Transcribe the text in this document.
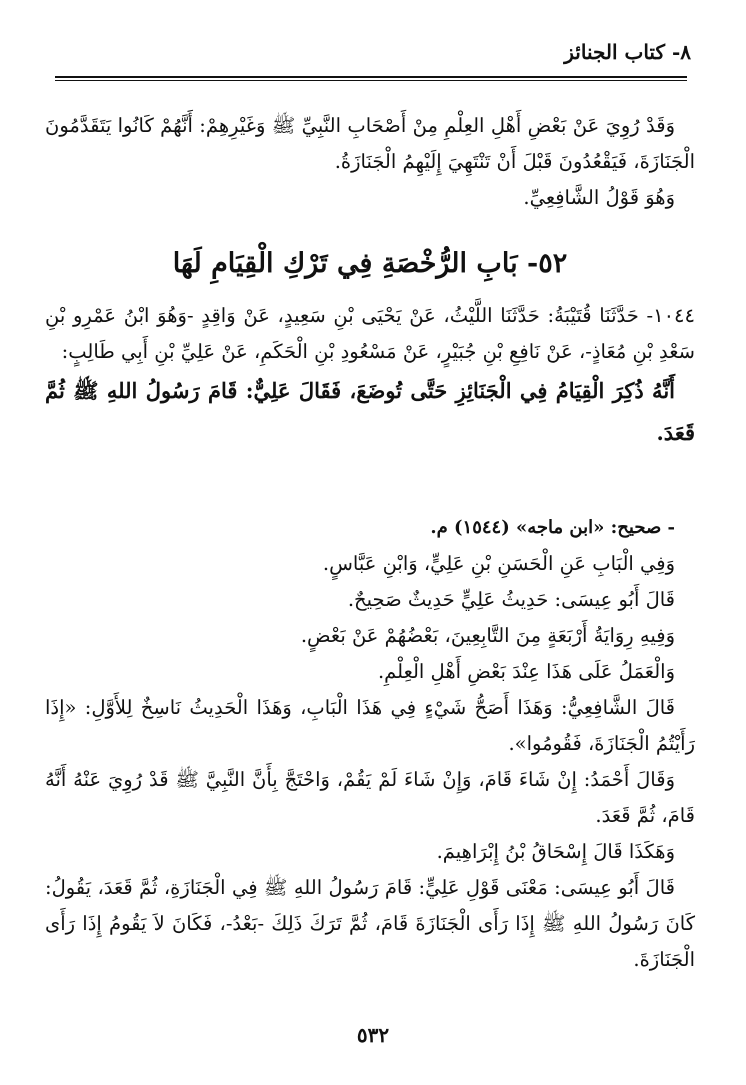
٨- كتاب الجنائز

وَقَدْ رُوِيَ عَنْ بَعْضِ أَهْلِ العِلْمِ مِنْ أَصْحَابِ النَّبِيِّ ﷺ وَغَيْرِهِمْ: أَنَّهُمْ كَانُوا يَتَقَدَّمُونَ الْجَنَازَةَ، فَيَقْعُدُونَ قَبْلَ أَنْ تَنْتَهِيَ إِلَيْهِمُ الْجَنَازَةُ.

وَهُوَ قَوْلُ الشَّافِعِيِّ.

٥٢- بَابِ الرُّخْصَةِ فِي تَرْكِ الْقِيَامِ لَهَا

١٠٤٤- حَدَّثَنَا قُتَيْبَةُ: حَدَّثَنَا اللَّيْثُ، عَنْ يَحْيَى بْنِ سَعِيدٍ، عَنْ وَاقِدٍ -وَهُوَ ابْنُ عَمْرِو بْنِ سَعْدِ بْنِ مُعَاذٍ-، عَنْ نَافِعِ بْنِ جُبَيْرٍ، عَنْ مَسْعُودِ بْنِ الْحَكَمِ، عَنْ عَلِيِّ بْنِ أَبِي طَالِبٍ:

أَنَّهُ ذُكِرَ الْقِيَامُ فِي الْجَنَائِزِ حَتَّى تُوضَعَ، فَقَالَ عَلِيٌّ: قَامَ رَسُولُ اللهِ ﷺ ثُمَّ قَعَدَ.

- صحيح: «ابن ماجه» (١٥٤٤) م.

وَفِي الْبَابِ عَنِ الْحَسَنِ بْنِ عَلِيٍّ، وَابْنِ عَبَّاسٍ.

قَالَ أَبُو عِيسَى: حَدِيثُ عَلِيٍّ حَدِيثٌ صَحِيحٌ.

وَفِيهِ رِوَايَةُ أَرْبَعَةٍ مِنَ التَّابِعِينَ، بَعْضُهُمْ عَنْ بَعْضٍ.

وَالْعَمَلُ عَلَى هَذَا عِنْدَ بَعْضِ أَهْلِ الْعِلْمِ.

قَالَ الشَّافِعِيُّ: وَهَذَا أَصَحُّ شَيْءٍ فِي هَذَا الْبَابِ، وَهَذَا الْحَدِيثُ نَاسِخٌ لِلأَوَّلِ: «إِذَا رَأَيْتُمُ الْجَنَازَةَ، فَقُومُوا».

وَقَالَ أَحْمَدُ: إِنْ شَاءَ قَامَ، وَإِنْ شَاءَ لَمْ يَقُمْ، وَاحْتَجَّ بِأَنَّ النَّبِيَّ ﷺ قَدْ رُوِيَ عَنْهُ أَنَّهُ قَامَ، ثُمَّ قَعَدَ.

وَهَكَذَا قَالَ إِسْحَاقُ بْنُ إِبْرَاهِيمَ.

قَالَ أَبُو عِيسَى: مَعْنَى قَوْلِ عَلِيٍّ: قَامَ رَسُولُ اللهِ ﷺ فِي الْجَنَازَةِ، ثُمَّ قَعَدَ، يَقُولُ: كَانَ رَسُولُ اللهِ ﷺ إِذَا رَأَى الْجَنَازَةَ قَامَ، ثُمَّ تَرَكَ ذَلِكَ -بَعْدُ-، فَكَانَ لاَ يَقُومُ إِذَا رَأَى الْجَنَازَةَ.

٥٣٢
